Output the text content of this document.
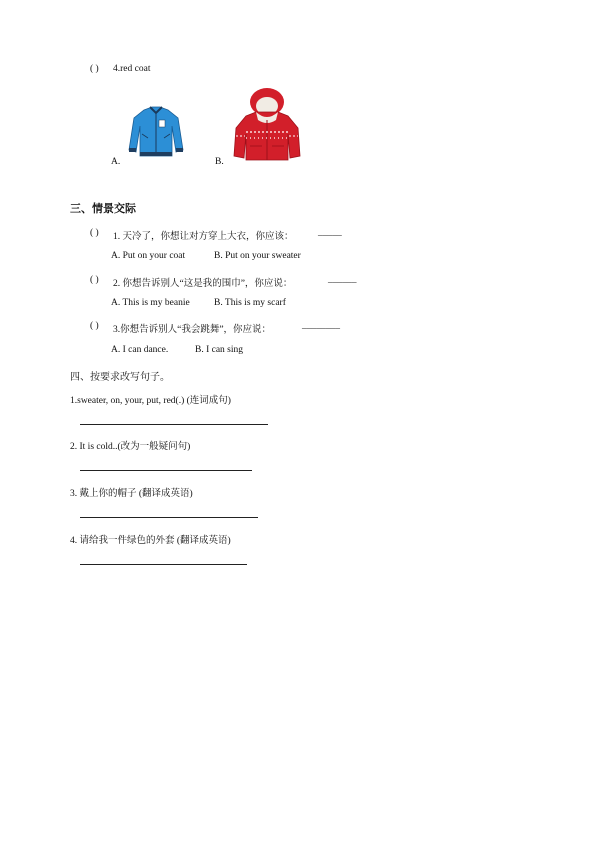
( ) 4.red coat
A.	B.
三、情景交际
( ) 1. 天冷了，你想让对方穿上大衣，你应该：	_____
A. Put on your coat	B. Put on your sweater
( ) 2. 你想告诉别人“这是我的围巾”，你应说：	______
A. This is my beanie	B. This is my scarf
( ) 3.你想告诉别人“我会跳舞”，你应说：	________
A. I can dance.	B. I can sing
四、按要求改写句子。
1.sweater, on, your, put, red(.) (连词成句)
2. It is cold..(改为一般疑问句)
3. 戴上你的帽子 (翻译成英语)
4. 请给我一件绿色的外套 (翻译成英语)
